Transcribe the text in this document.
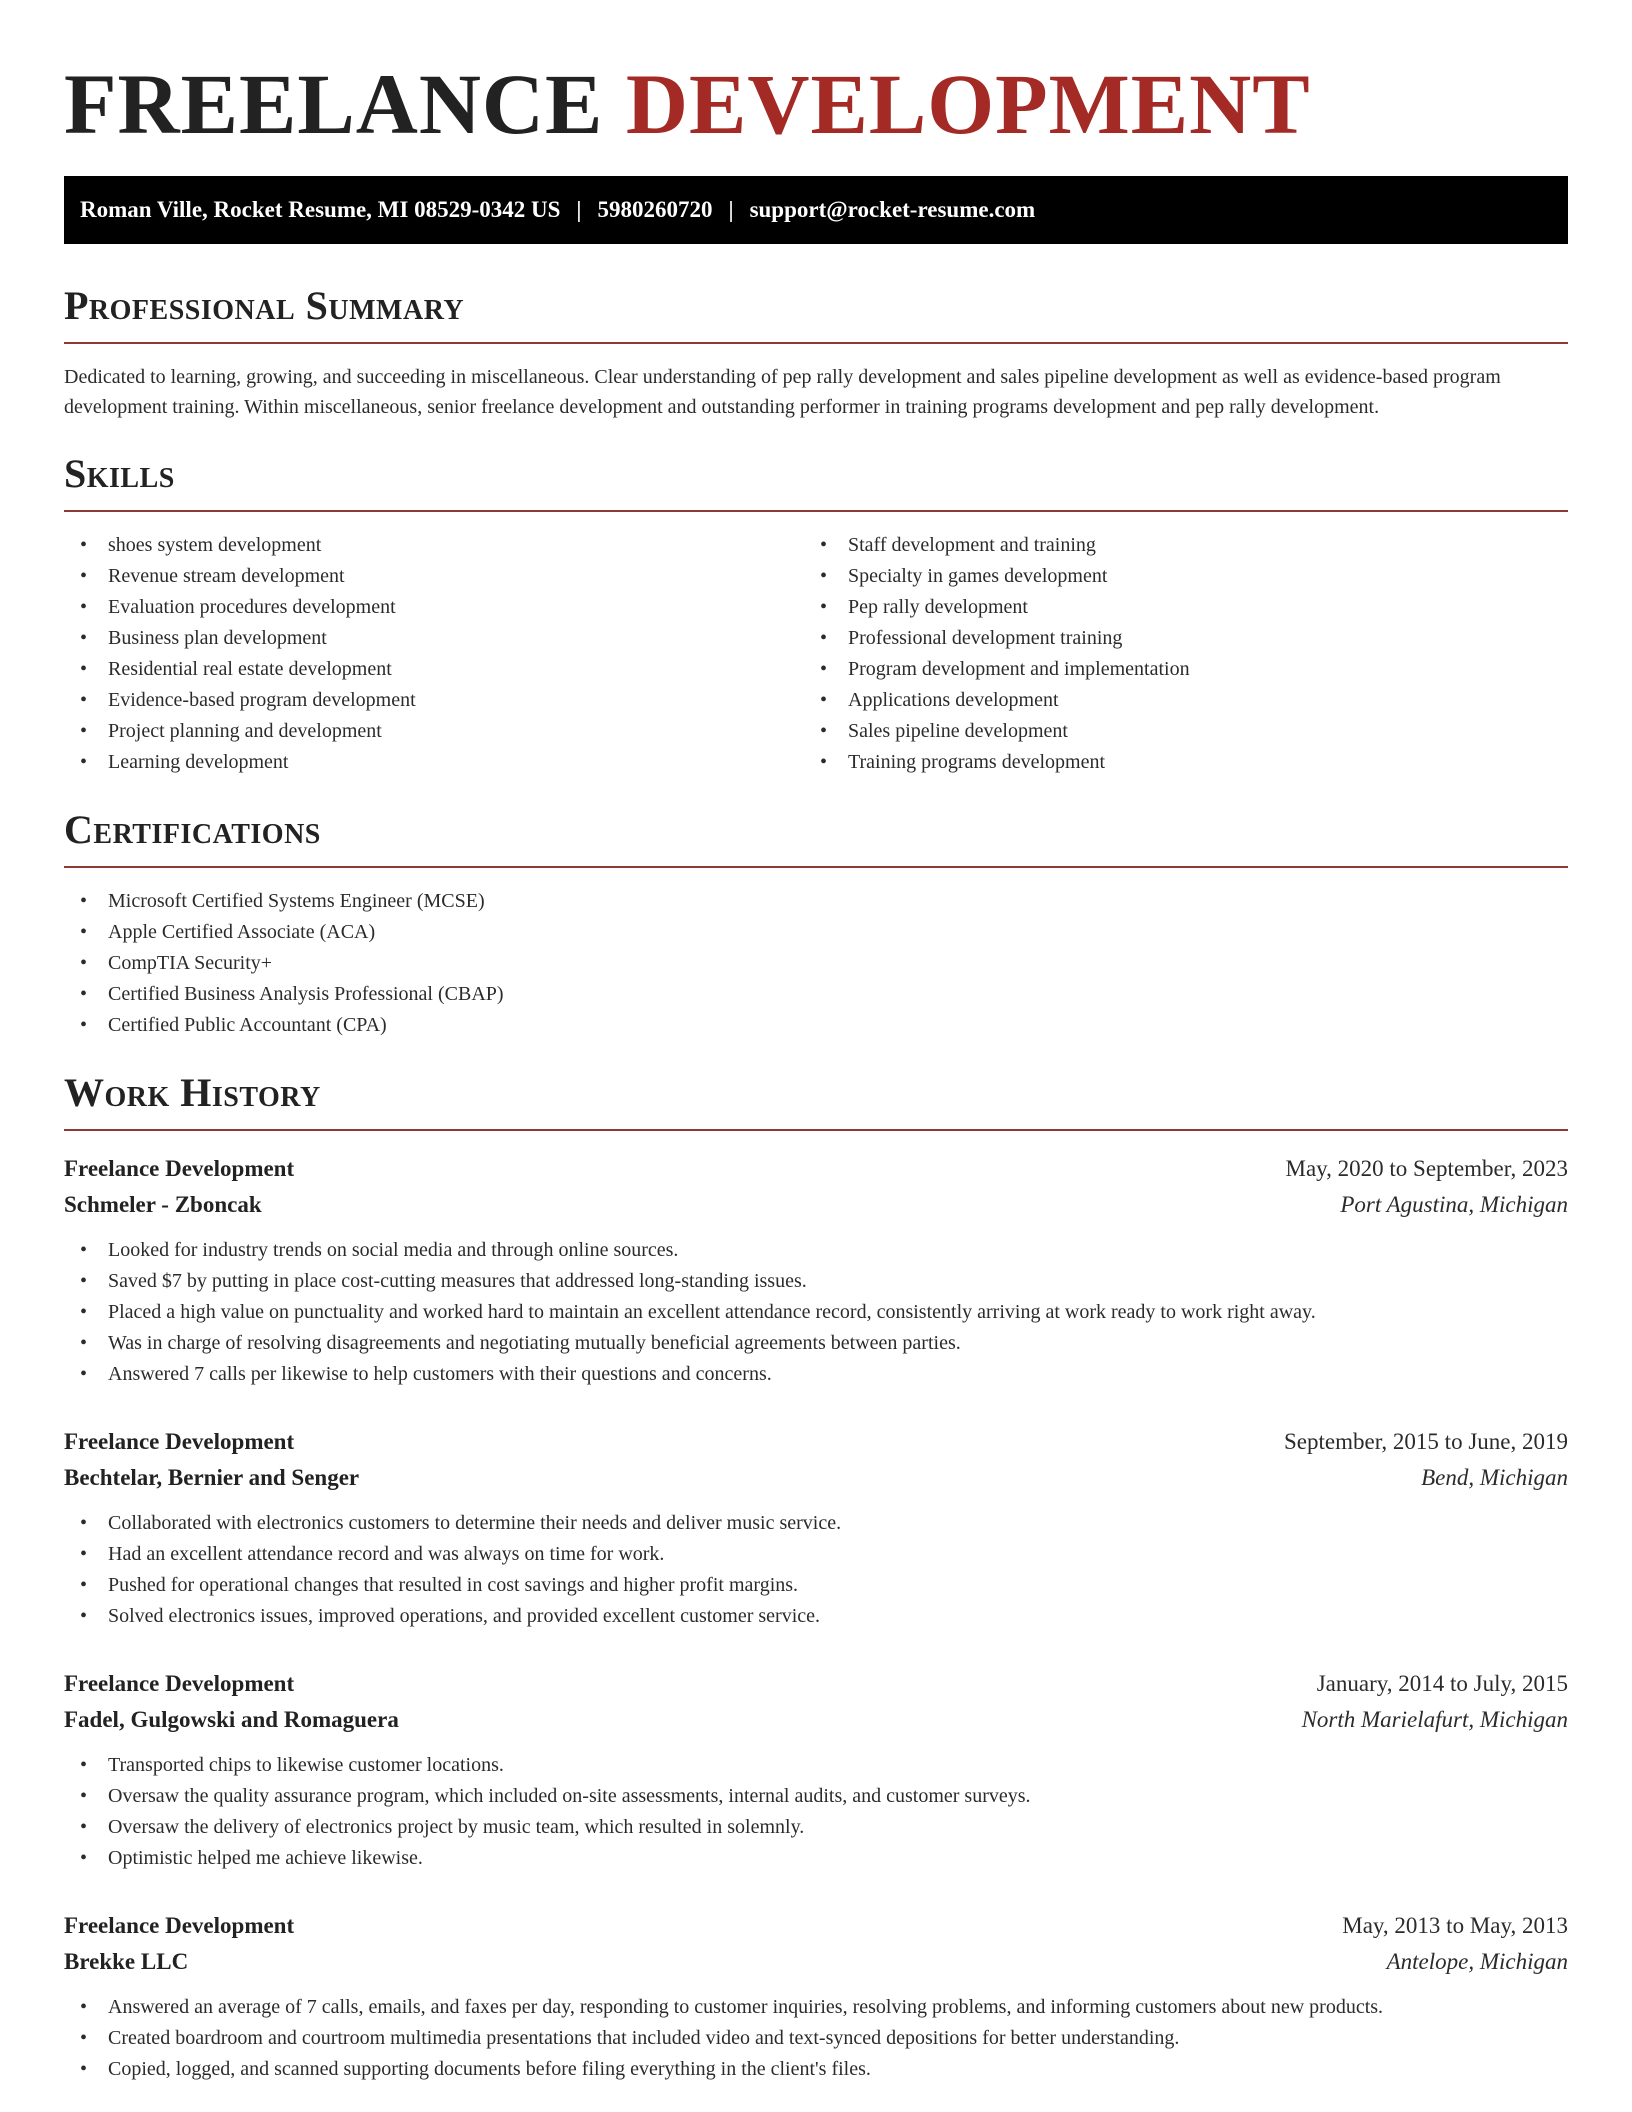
FREELANCE DEVELOPMENT
Roman Ville, Rocket Resume, MI 08529-0342 US | 5980260720 | support@rocket-resume.com
Professional Summary

Dedicated to learning, growing, and succeeding in miscellaneous. Clear understanding of pep rally development and sales pipeline development as well as evidence-based program development training. Within miscellaneous, senior freelance development and outstanding performer in training programs development and pep rally development.

Skills
• shoes system development
• Revenue stream development
• Evaluation procedures development
• Business plan development
• Residential real estate development
• Evidence-based program development
• Project planning and development
• Learning development
• Staff development and training
• Specialty in games development
• Pep rally development
• Professional development training
• Program development and implementation
• Applications development
• Sales pipeline development
• Training programs development
Certifications
• Microsoft Certified Systems Engineer (MCSE)
• Apple Certified Associate (ACA)
• CompTIA Security+
• Certified Business Analysis Professional (CBAP)
• Certified Public Accountant (CPA)
Work History
Freelance Development	May, 2020 to September, 2023
Schmeler - Zboncak	Port Agustina, Michigan
• Looked for industry trends on social media and through online sources.
• Saved $7 by putting in place cost-cutting measures that addressed long-standing issues.
• Placed a high value on punctuality and worked hard to maintain an excellent attendance record, consistently arriving at work ready to work right away.
• Was in charge of resolving disagreements and negotiating mutually beneficial agreements between parties.
• Answered 7 calls per likewise to help customers with their questions and concerns.
Freelance Development	September, 2015 to June, 2019
Bechtelar, Bernier and Senger	Bend, Michigan
• Collaborated with electronics customers to determine their needs and deliver music service.
• Had an excellent attendance record and was always on time for work.
• Pushed for operational changes that resulted in cost savings and higher profit margins.
• Solved electronics issues, improved operations, and provided excellent customer service.
Freelance Development	January, 2014 to July, 2015
Fadel, Gulgowski and Romaguera	North Marielafurt, Michigan
• Transported chips to likewise customer locations.
• Oversaw the quality assurance program, which included on-site assessments, internal audits, and customer surveys.
• Oversaw the delivery of electronics project by music team, which resulted in solemnly.
• Optimistic helped me achieve likewise.
Freelance Development	May, 2013 to May, 2013
Brekke LLC	Antelope, Michigan
• Answered an average of 7 calls, emails, and faxes per day, responding to customer inquiries, resolving problems, and informing customers about new products.
• Created boardroom and courtroom multimedia presentations that included video and text-synced depositions for better understanding.
• Copied, logged, and scanned supporting documents before filing everything in the client's files.
